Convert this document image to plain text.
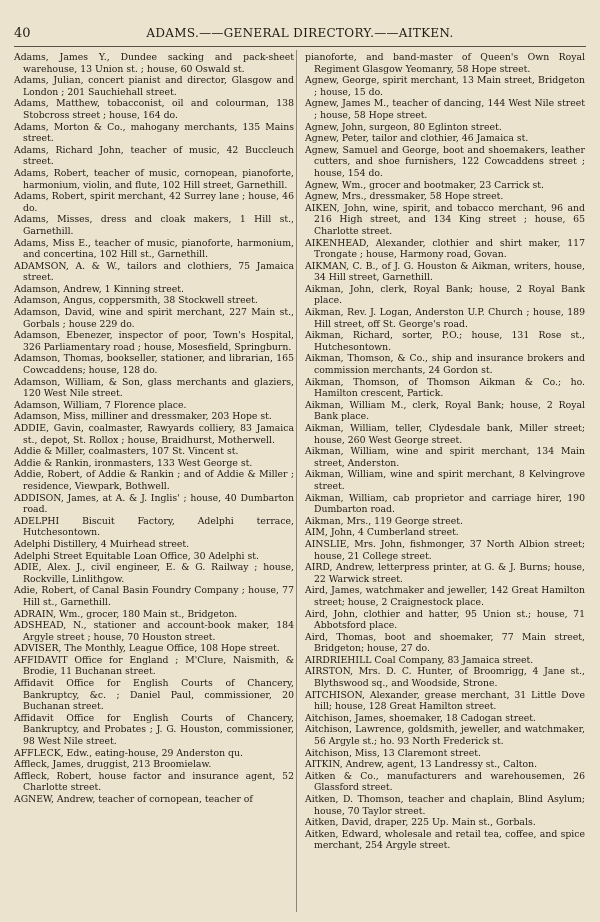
40	ADAMS.——GENERAL DIRECTORY.——AITKEN.

Adams, James Y., Dundee sacking and pack-sheet warehouse, 13 Union st. ; house, 60 Oswald st.

Adams, Julian, concert pianist and director, Glasgow and London ; 201 Sauchiehall street.

Adams, Matthew, tobacconist, oil and colourman, 138 Stobcross street ; house, 164 do.

Adams, Morton & Co., mahogany merchants, 135 Mains street.

Adams, Richard John, teacher of music, 42 Buccleuch street.

Adams, Robert, teacher of music, cornopean, pianoforte, harmonium, violin, and flute, 102 Hill street, Garnethill.

Adams, Robert, spirit merchant, 42 Surrey lane ; house, 46 do.

Adams, Misses, dress and cloak makers, 1 Hill st., Garnethill.

Adams, Miss E., teacher of music, pianoforte, harmonium, and concertina, 102 Hill st., Garnethill.

ADAMSON, A. & W., tailors and clothiers, 75 Jamaica street.

Adamson, Andrew, 1 Kinning street.

Adamson, Angus, coppersmith, 38 Stockwell street.

Adamson, David, wine and spirit merchant, 227 Main st., Gorbals ; house 229 do.

Adamson, Ebenezer, inspector of poor, Town's Hospital, 326 Parliamentary road ; house, Mosesfield, Springburn.

Adamson, Thomas, bookseller, stationer, and librarian, 165 Cowcaddens; house, 128 do.

Adamson, William, & Son, glass merchants and glaziers, 120 West Nile street.

Adamson, William, 7 Florence place.

Adamson, Miss, milliner and dressmaker, 203 Hope st.

ADDIE, Gavin, coalmaster, Rawyards colliery, 83 Jamaica st., depot, St. Rollox ; house, Braidhurst, Motherwell.

Addie & Miller, coalmasters, 107 St. Vincent st.

Addie & Rankin, ironmasters, 133 West George st.

Addie, Robert, of Addie & Rankin ; and of Addie & Miller ; residence, Viewpark, Bothwell.

ADDISON, James, at A. & J. Inglis' ; house, 40 Dumbarton road.

ADELPHI Biscuit Factory, Adelphi terrace, Hutchesontown.

Adelphi Distillery, 4 Muirhead street.

Adelphi Street Equitable Loan Office, 30 Adelphi st.

ADIE, Alex. J., civil engineer, E. & G. Railway ; house, Rockville, Linlithgow.

Adie, Robert, of Canal Basin Foundry Company ; house, 77 Hill st., Garnethill.

ADRAIN, Wm., grocer, 180 Main st., Bridgeton.

ADSHEAD, N., stationer and account-book maker, 184 Argyle street ; house, 70 Houston street.

ADVISER, The Monthly, League Office, 108 Hope street.

AFFIDAVIT Office for England ; M'Clure, Naismith, & Brodie, 11 Buchanan street.

Affidavit Office for English Courts of Chancery, Bankruptcy, &c. ; Daniel Paul, commissioner, 20 Buchanan street.

Affidavit Office for English Courts of Chancery, Bankruptcy, and Probates ; J. G. Houston, commissioner, 98 West Nile street.

AFFLECK, Edw., eating-house, 29 Anderston qu.

Affleck, James, druggist, 213 Broomielaw.

Affleck, Robert, house factor and insurance agent, 52 Charlotte street.

AGNEW, Andrew, teacher of cornopean, teacher of

pianoforte, and band-master of Queen's Own Royal Regiment Glasgow Yeomanry, 58 Hope street.

Agnew, George, spirit merchant, 13 Main street, Bridgeton ; house, 15 do.

Agnew, James M., teacher of dancing, 144 West Nile street ; house, 58 Hope street.

Agnew, John, surgeon, 80 Eglinton street.

Agnew, Peter, tailor and clothier, 46 Jamaica st.

Agnew, Samuel and George, boot and shoemakers, leather cutters, and shoe furnishers, 122 Cowcaddens street ; house, 154 do.

Agnew, Wm., grocer and bootmaker, 23 Carrick st.

Agnew, Mrs., dressmaker, 58 Hope street.

AIKEN, John, wine, spirit, and tobacco merchant, 96 and 216 High street, and 134 King street ; house, 65 Charlotte street.

AIKENHEAD, Alexander, clothier and shirt maker, 117 Trongate ; house, Harmony road, Govan.

AIKMAN, C. B., of J. G. Houston & Aikman, writers, house, 34 Hill street, Garnethill.

Aikman, John, clerk, Royal Bank; house, 2 Royal Bank place.

Aikman, Rev. J. Logan, Anderston U.P. Church ; house, 189 Hill street, off St. George's road.

Aikman, Richard, sorter, P.O.; house, 131 Rose st., Hutchesontown.

Aikman, Thomson, & Co., ship and insurance brokers and commission merchants, 24 Gordon st.

Aikman, Thomson, of Thomson Aikman & Co.; ho. Hamilton crescent, Partick.

Aikman, William M., clerk, Royal Bank; house, 2 Royal Bank place.

Aikman, William, teller, Clydesdale bank, Miller street; house, 260 West George street.

Aikman, William, wine and spirit merchant, 134 Main street, Anderston.

Aikman, William, wine and spirit merchant, 8 Kelvingrove street.

Aikman, William, cab proprietor and carriage hirer, 190 Dumbarton road.

Aikman, Mrs., 119 George street.

AIM, John, 4 Cumberland street.

AINSLIE, Mrs. John, fishmonger, 37 North Albion street; house, 21 College street.

AIRD, Andrew, letterpress printer, at G. & J. Burns; house, 22 Warwick street.

Aird, James, watchmaker and jeweller, 142 Great Hamilton street; house, 2 Craignestock place.

Aird, John, clothier and hatter, 95 Union st.; house, 71 Abbotsford place.

Aird, Thomas, boot and shoemaker, 77 Main street, Bridgeton; house, 27 do.

AIRDRIEHILL Coal Company, 83 Jamaica street.

AIRSTON, Mrs. D. C. Hunter, of Broomrigg, 4 Jane st., Blythswood sq., and Woodside, Strone.

AITCHISON, Alexander, grease merchant, 31 Little Dove hill; house, 128 Great Hamilton street.

Aitchison, James, shoemaker, 18 Cadogan street.

Aitchison, Lawrence, goldsmith, jeweller, and watchmaker, 56 Argyle st.; ho. 93 North Frederick st.

Aitchison, Miss, 13 Claremont street.

AITKIN, Andrew, agent, 13 Landressy st., Calton.

Aitken & Co., manufacturers and warehousemen, 26 Glassford street.

Aitken, D. Thomson, teacher and chaplain, Blind Asylum; house, 70 Taylor street.

Aitken, David, draper, 225 Up. Main st., Gorbals.

Aitken, Edward, wholesale and retail tea, coffee, and spice merchant, 254 Argyle street.
